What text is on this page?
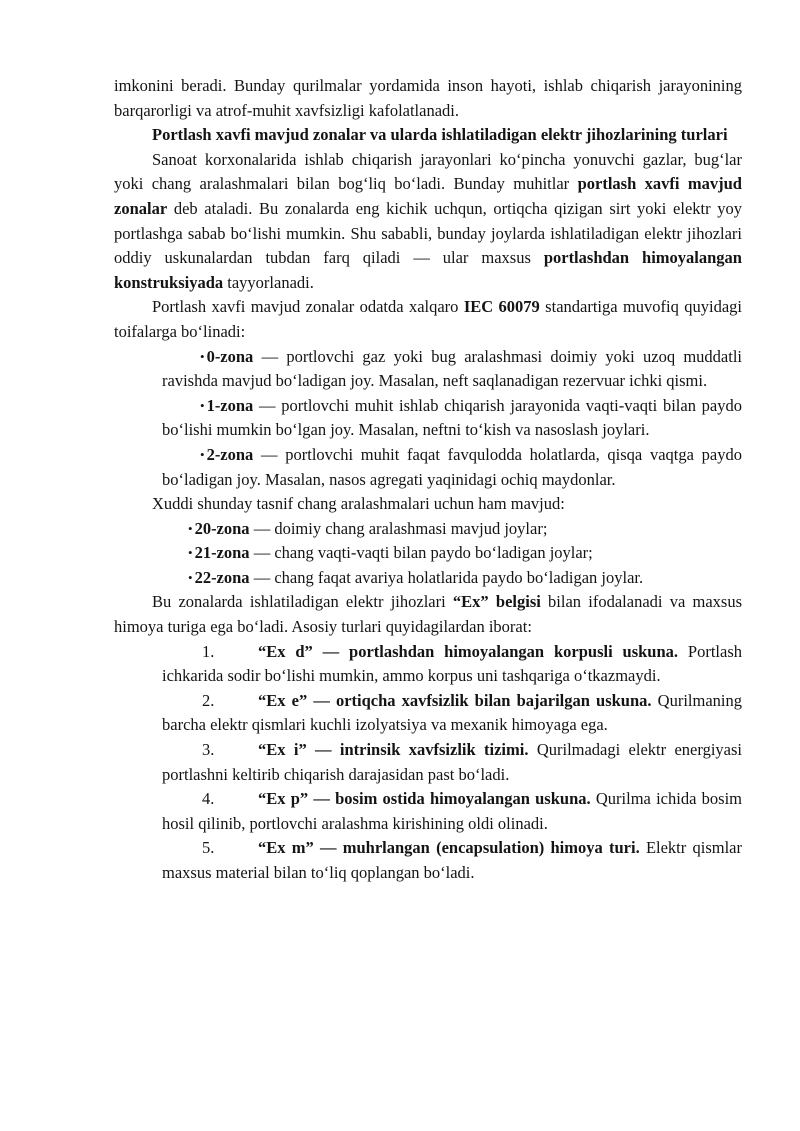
imkonini beradi. Bunday qurilmalar yordamida inson hayoti, ishlab chiqarish jarayonining barqarorligi va atrof-muhit xavfsizligi kafolatlanadi.

Portlash xavfi mavjud zonalar va ularda ishlatiladigan elektr jihozlarining turlari

Sanoat korxonalarida ishlab chiqarish jarayonlari koʻpincha yonuvchi gazlar, bugʻlar yoki chang aralashmalari bilan bogʻliq boʻladi. Bunday muhitlar portlash xavfi mavjud zonalar deb ataladi. Bu zonalarda eng kichik uchqun, ortiqcha qizigan sirt yoki elektr yoy portlashga sabab boʻlishi mumkin. Shu sababli, bunday joylarda ishlatiladigan elektr jihozlari oddiy uskunalardan tubdan farq qiladi — ular maxsus portlashdan himoyalangan konstruksiyada tayyorlanadi.

Portlash xavfi mavjud zonalar odatda xalqaro IEC 60079 standartiga muvofiq quyidagi toifalarga boʻlinadi:

• 0-zona — portlovchi gaz yoki bug aralashmasi doimiy yoki uzoq muddatli ravishda mavjud boʻladigan joy. Masalan, neft saqlanadigan rezervuar ichki qismi.

• 1-zona — portlovchi muhit ishlab chiqarish jarayonida vaqti-vaqti bilan paydo boʻlishi mumkin boʻlgan joy. Masalan, neftni toʻkish va nasoslash joylari.

• 2-zona — portlovchi muhit faqat favqulodda holatlarda, qisqa vaqtga paydo boʻladigan joy. Masalan, nasos agregati yaqinidagi ochiq maydonlar.

Xuddi shunday tasnif chang aralashmalari uchun ham mavjud:

• 20-zona — doimiy chang aralashmasi mavjud joylar;

• 21-zona — chang vaqti-vaqti bilan paydo boʻladigan joylar;

• 22-zona — chang faqat avariya holatlarida paydo boʻladigan joylar.

Bu zonalarda ishlatiladigan elektr jihozlari “Ex” belgisi bilan ifodalanadi va maxsus himoya turiga ega boʻladi. Asosiy turlari quyidagilardan iborat:

1.	“Ex d” — portlashdan himoyalangan korpusli uskuna. Portlash ichkarida sodir boʻlishi mumkin, ammo korpus uni tashqariga oʻtkazmaydi.

2.	“Ex e” — ortiqcha xavfsizlik bilan bajarilgan uskuna. Qurilmaning barcha elektr qismlari kuchli izolyatsiya va mexanik himoyaga ega.

3.	“Ex i” — intrinsik xavfsizlik tizimi. Qurilmadagi elektr energiyasi portlashni keltirib chiqarish darajasidan past boʻladi.

4.	“Ex p” — bosim ostida himoyalangan uskuna. Qurilma ichida bosim hosil qilinib, portlovchi aralashma kirishining oldi olinadi.

5.	“Ex m” — muhrlangan (encapsulation) himoya turi. Elektr qismlar maxsus material bilan toʻliq qoplangan boʻladi.
